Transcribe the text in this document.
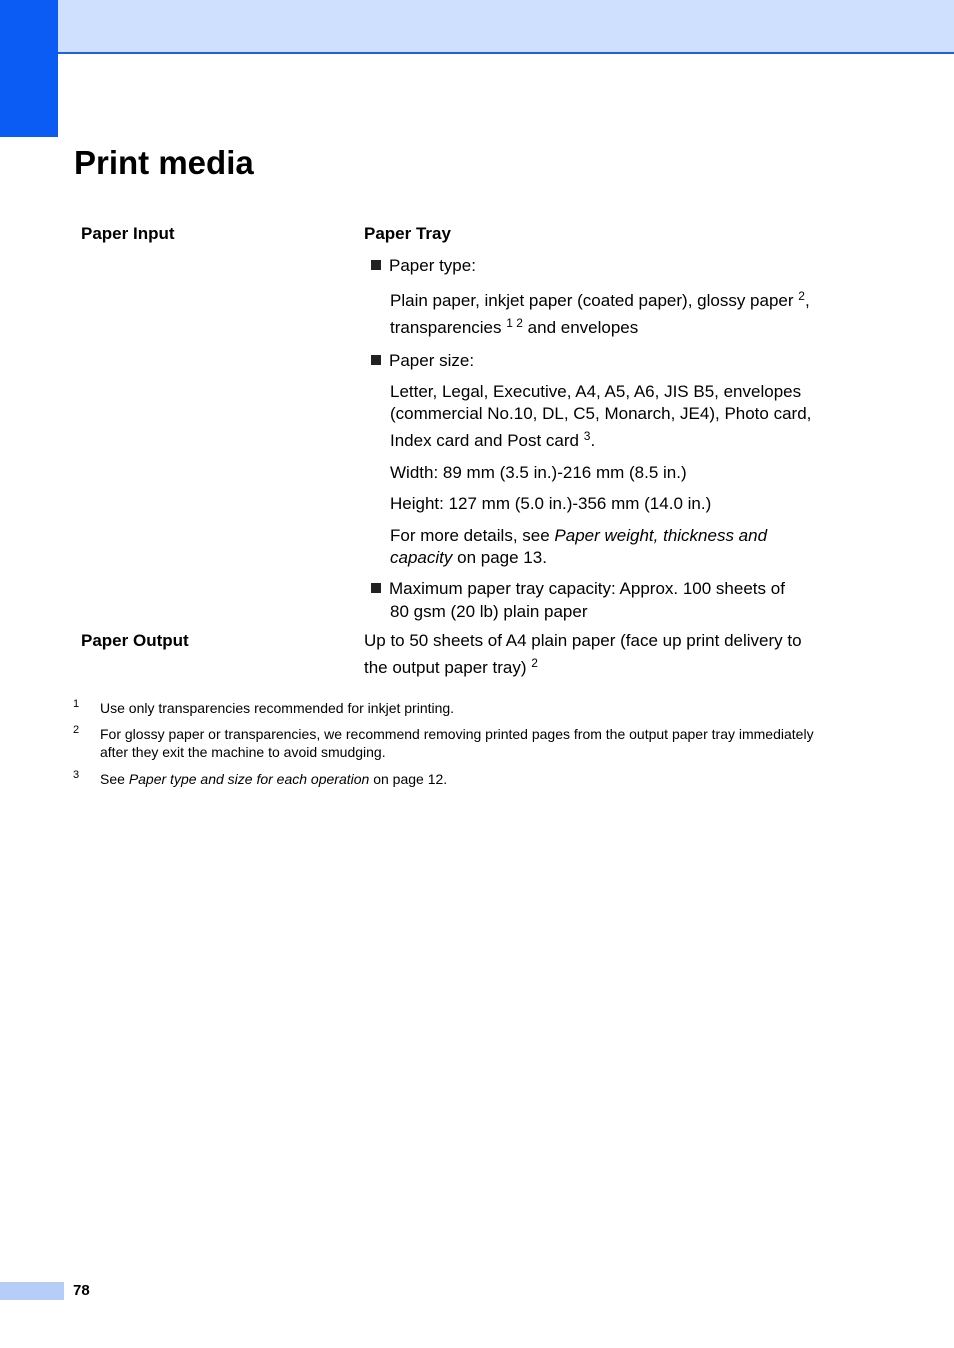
Print media
Paper Input	Paper Tray
Paper type:
Plain paper, inkjet paper (coated paper), glossy paper $^2$,
transparencies $^{1 2}$ and envelopes
Paper size:
Letter, Legal, Executive, A4, A5, A6, JIS B5, envelopes
(commercial No.10, DL, C5, Monarch, JE4), Photo card,
Index card and Post card $^3$.
Width: 89 mm (3.5 in.)-216 mm (8.5 in.)
Height: 127 mm (5.0 in.)-356 mm (14.0 in.)
For more details, see Paper weight, thickness and
capacity on page 13.
Maximum paper tray capacity: Approx. 100 sheets of
80 gsm (20 lb) plain paper
Paper Output	Up to 50 sheets of A4 plain paper (face up print delivery to
the output paper tray) $^2$
1 Use only transparencies recommended for inkjet printing.
2 For glossy paper or transparencies, we recommend removing printed pages from the output paper tray immediately
after they exit the machine to avoid smudging.
3 See Paper type and size for each operation on page 12.
78
